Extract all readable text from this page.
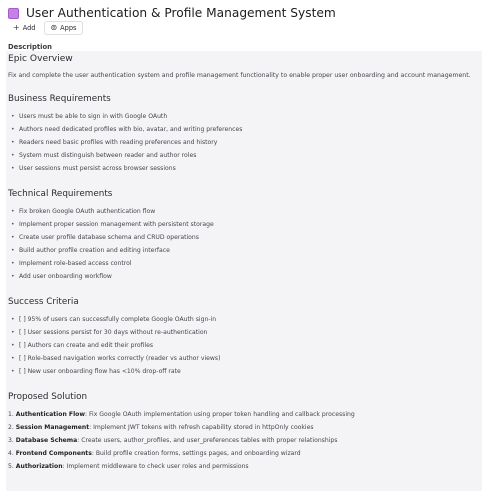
User Authentication & Profile Management System
+ Add ⊚ Apps
Description
Epic Overview
Fix and complete the user authentication system and profile management functionality to enable proper user onboarding and account management.
Business Requirements
• Users must be able to sign in with Google OAuth
• Authors need dedicated profiles with bio, avatar, and writing preferences
• Readers need basic profiles with reading preferences and history
• System must distinguish between reader and author roles
• User sessions must persist across browser sessions
Technical Requirements
• Fix broken Google OAuth authentication flow
• Implement proper session management with persistent storage
• Create user profile database schema and CRUD operations
• Build author profile creation and editing interface
• Implement role-based access control
• Add user onboarding workflow
Success Criteria
• [ ] 95% of users can successfully complete Google OAuth sign-in
• [ ] User sessions persist for 30 days without re-authentication
• [ ] Authors can create and edit their profiles
• [ ] Role-based navigation works correctly (reader vs author views)
• [ ] New user onboarding flow has <10% drop-off rate
Proposed Solution
1. Authentication Flow: Fix Google OAuth implementation using proper token handling and callback processing
2. Session Management: Implement JWT tokens with refresh capability stored in httpOnly cookies
3. Database Schema: Create users, author_profiles, and user_preferences tables with proper relationships
4. Frontend Components: Build profile creation forms, settings pages, and onboarding wizard
5. Authorization: Implement middleware to check user roles and permissions
